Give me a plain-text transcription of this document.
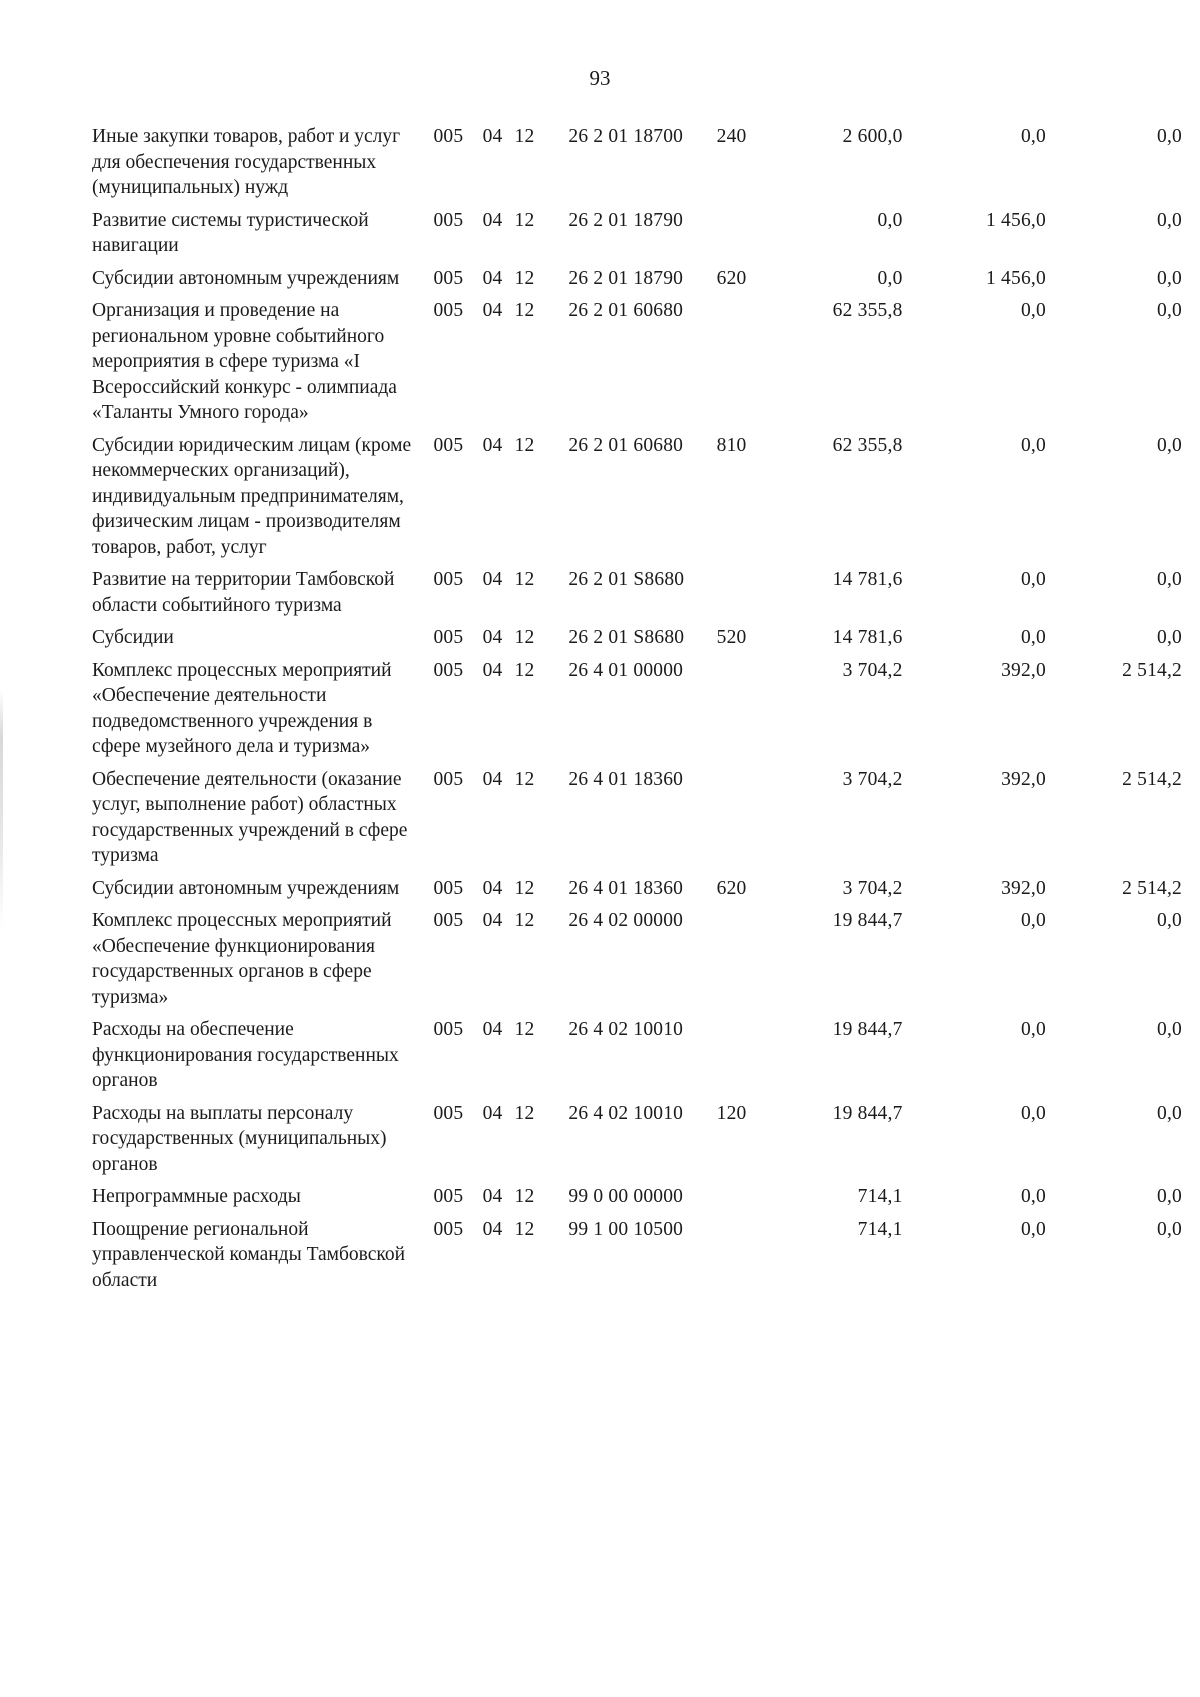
93
Иные закупки товаров, работ и услуг для обеспечения государственных (муниципальных) нужд	005	04	12	26 2 01 18700	240	2 600,0	0,0	0,0
Развитие системы туристической навигации	005	04	12	26 2 01 18790		0,0	1 456,0	0,0
Субсидии автономным учреждениям	005	04	12	26 2 01 18790	620	0,0	1 456,0	0,0
Организация и проведение на региональном уровне событийного мероприятия в сфере туризма «I Всероссийский конкурс - олимпиада «Таланты Умного города»	005	04	12	26 2 01 60680		62 355,8	0,0	0,0
Субсидии юридическим лицам (кроме некоммерческих организаций), индивидуальным предпринимателям, физическим лицам - производителям товаров, работ, услуг	005	04	12	26 2 01 60680	810	62 355,8	0,0	0,0
Развитие на территории Тамбовской области событийного туризма	005	04	12	26 2 01 S8680		14 781,6	0,0	0,0
Субсидии	005	04	12	26 2 01 S8680	520	14 781,6	0,0	0,0
Комплекс процессных мероприятий «Обеспечение деятельности подведомственного учреждения в сфере музейного дела и туризма»	005	04	12	26 4 01 00000		3 704,2	392,0	2 514,2
Обеспечение деятельности (оказание услуг, выполнение работ) областных государственных учреждений в сфере туризма	005	04	12	26 4 01 18360		3 704,2	392,0	2 514,2
Субсидии автономным учреждениям	005	04	12	26 4 01 18360	620	3 704,2	392,0	2 514,2
Комплекс процессных мероприятий «Обеспечение функционирования государственных органов в сфере туризма»	005	04	12	26 4 02 00000		19 844,7	0,0	0,0
Расходы на обеспечение функционирования государственных органов	005	04	12	26 4 02 10010		19 844,7	0,0	0,0
Расходы на выплаты персоналу государственных (муниципальных) органов	005	04	12	26 4 02 10010	120	19 844,7	0,0	0,0
Непрограммные расходы	005	04	12	99 0 00 00000		714,1	0,0	0,0
Поощрение региональной управленческой команды Тамбовской области	005	04	12	99 1 00 10500		714,1	0,0	0,0
